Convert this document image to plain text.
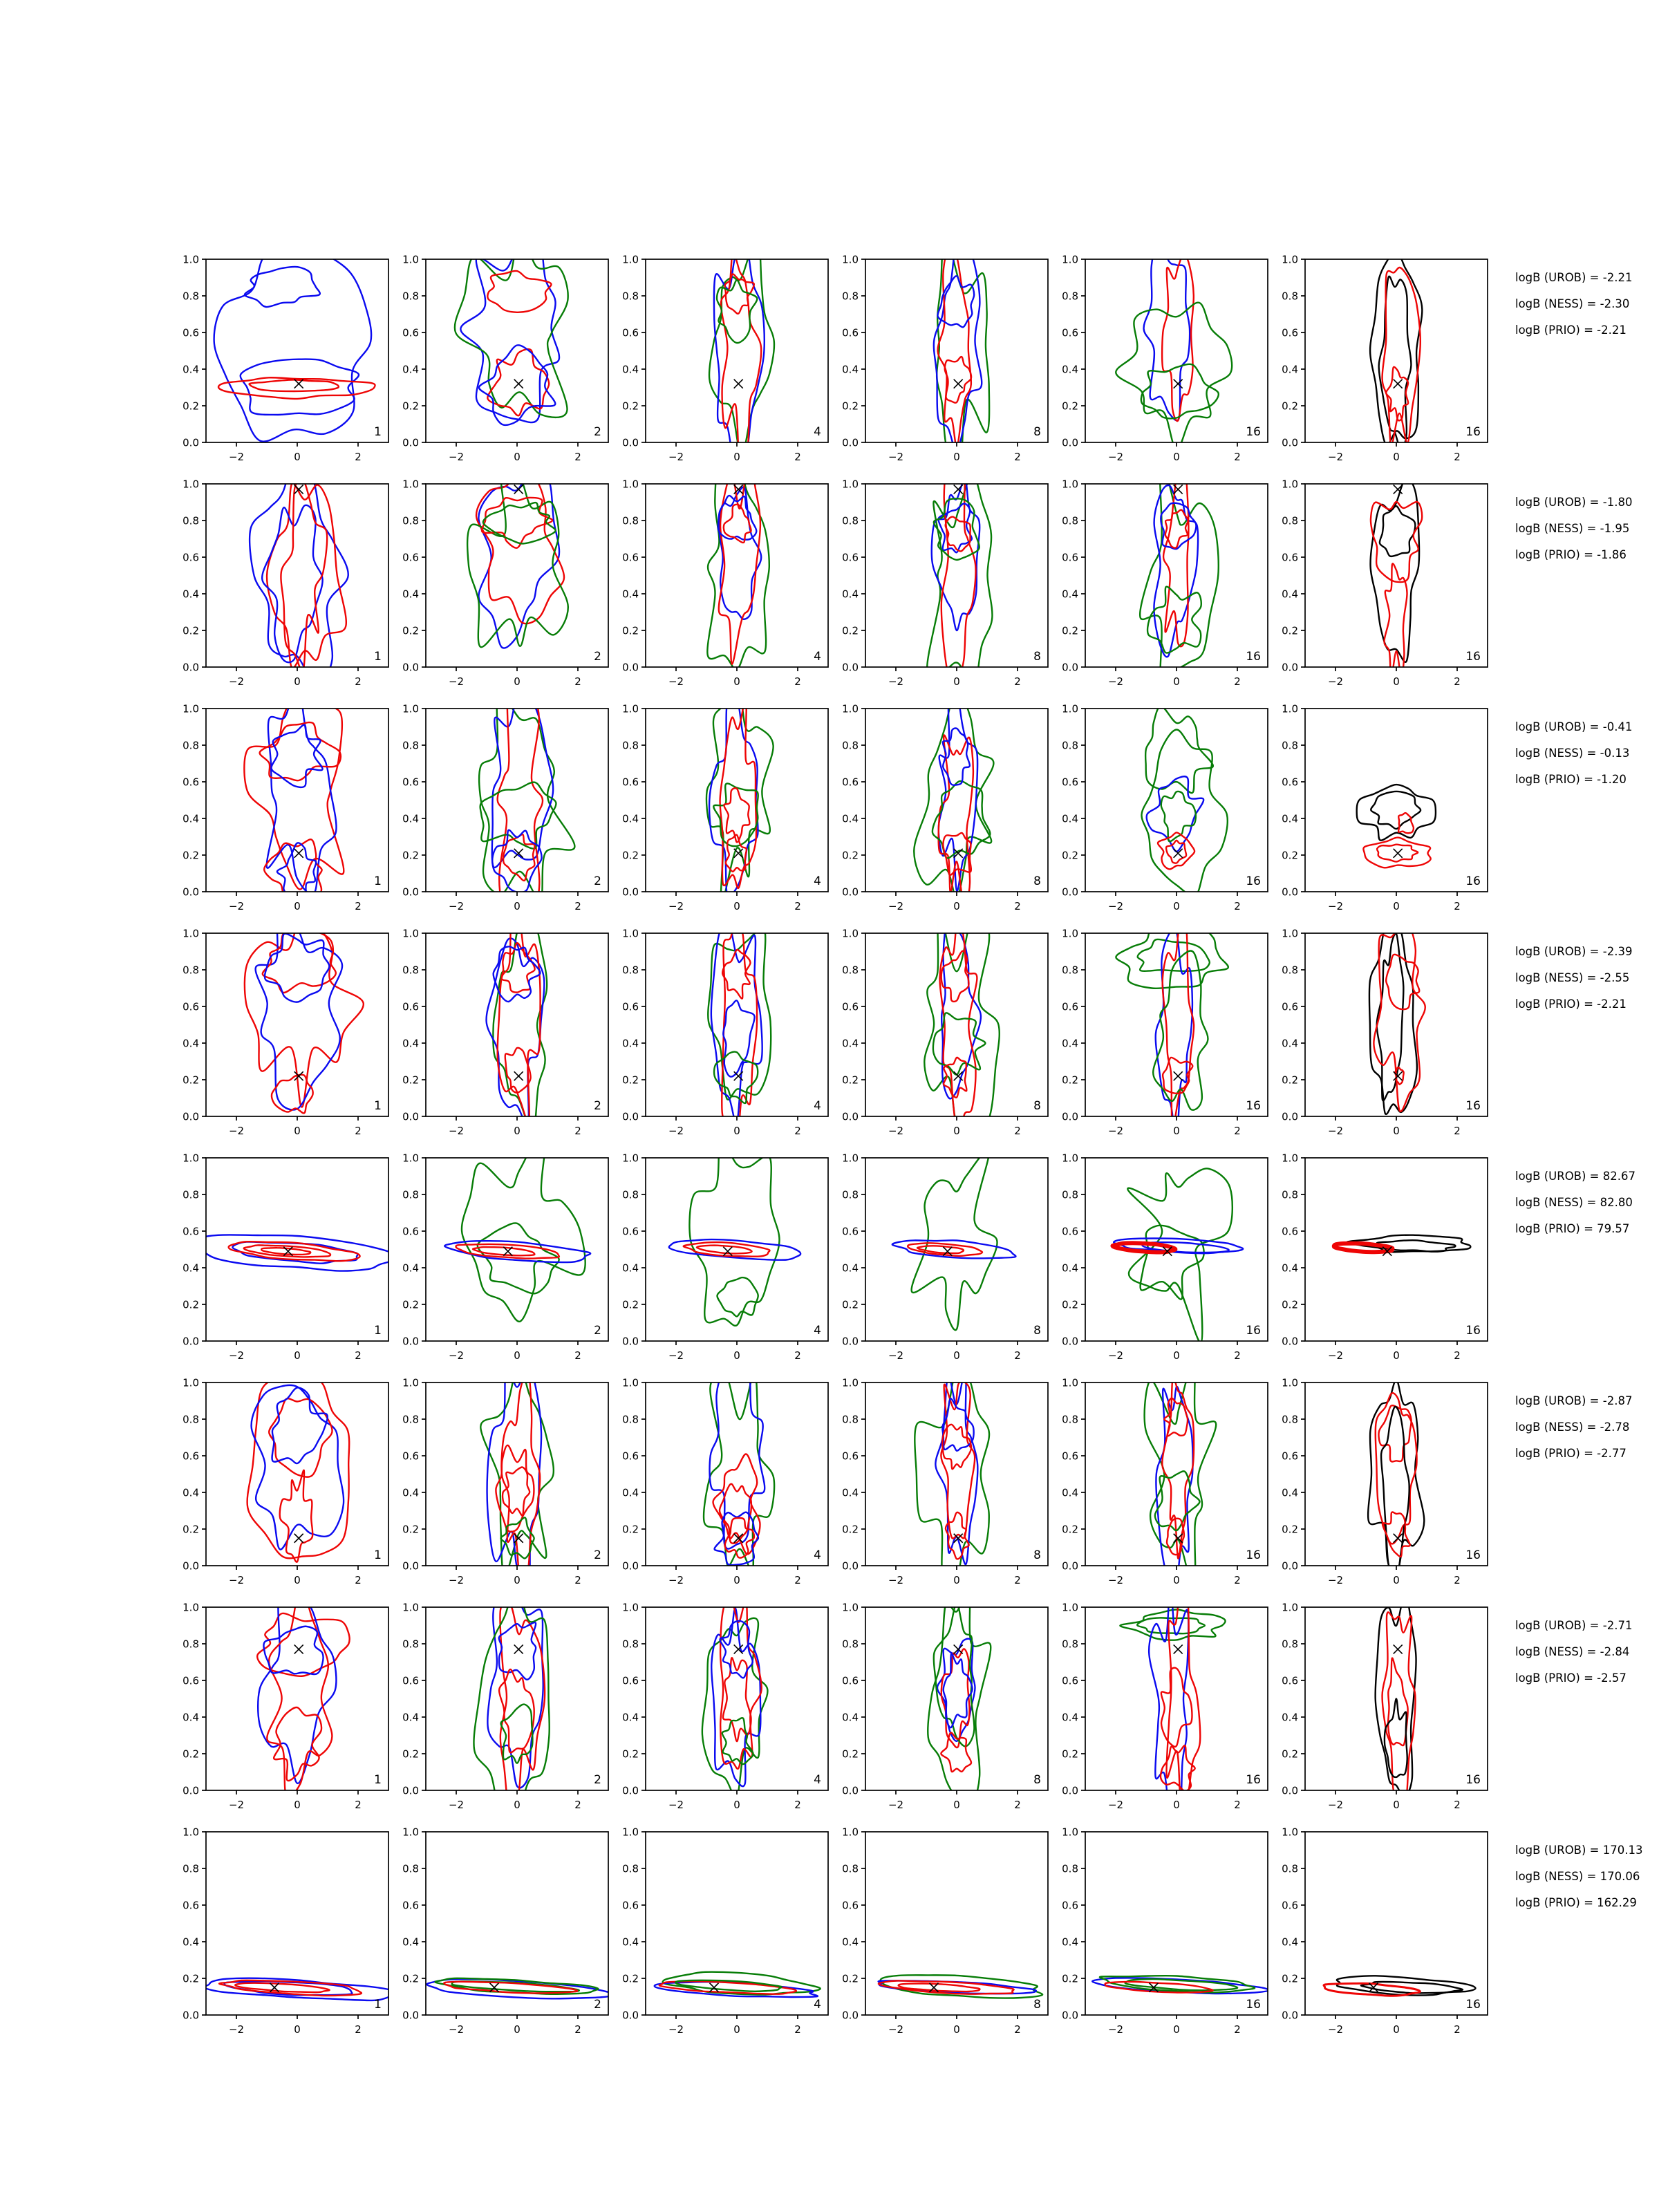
1.0
0.8
0.6
0.4
0.2
0.0
−2	0	2
1
1.0
0.8
0.6
0.4
0.2
0.0
−2	0	2
2
1.0
0.8
0.6
0.4
0.2
0.0
−2	0	2
4
1.0
0.8
0.6
0.4
0.2
0.0
−2	0	2
8
1.0
0.8
0.6
0.4
0.2
0.0
−2	0	2
16
1.0
0.8
0.6
0.4
0.2
0.0
−2	0	2
16
logB (UROB) = -2.21
logB (NESS) = -2.30
logB (PRIO) = -2.21
1.0
0.8
0.6
0.4
0.2
0.0
−2	0	2
1
1.0
0.8
0.6
0.4
0.2
0.0
−2	0	2
2
1.0
0.8
0.6
0.4
0.2
0.0
−2	0	2
4
1.0
0.8
0.6
0.4
0.2
0.0
−2	0	2
8
1.0
0.8
0.6
0.4
0.2
0.0
−2	0	2
16
1.0
0.8
0.6
0.4
0.2
0.0
−2	0	2
16
logB (UROB) = -1.80
logB (NESS) = -1.95
logB (PRIO) = -1.86
1.0
0.8
0.6
0.4
0.2
0.0
−2	0	2
1
1.0
0.8
0.6
0.4
0.2
0.0
−2	0	2
2
1.0
0.8
0.6
0.4
0.2
0.0
−2	0	2
4
1.0
0.8
0.6
0.4
0.2
0.0
−2	0	2
8
1.0
0.8
0.6
0.4
0.2
0.0
−2	0	2
16
1.0
0.8
0.6
0.4
0.2
0.0
−2	0	2
16
logB (UROB) = -0.41
logB (NESS) = -0.13
logB (PRIO) = -1.20
1.0
0.8
0.6
0.4
0.2
0.0
−2	0	2
1
1.0
0.8
0.6
0.4
0.2
0.0
−2	0	2
2
1.0
0.8
0.6
0.4
0.2
0.0
−2	0	2
4
1.0
0.8
0.6
0.4
0.2
0.0
−2	0	2
8
1.0
0.8
0.6
0.4
0.2
0.0
−2	0	2
16
1.0
0.8
0.6
0.4
0.2
0.0
−2	0	2
16
logB (UROB) = -2.39
logB (NESS) = -2.55
logB (PRIO) = -2.21
1.0
0.8
0.6
0.4
0.2
0.0
−2	0	2
1
1.0
0.8
0.6
0.4
0.2
0.0
−2	0	2
2
1.0
0.8
0.6
0.4
0.2
0.0
−2	0	2
4
1.0
0.8
0.6
0.4
0.2
0.0
−2	0	2
8
1.0
0.8
0.6
0.4
0.2
0.0
−2	0	2
16
1.0
0.8
0.6
0.4
0.2
0.0
−2	0	2
16
logB (UROB) = 82.67
logB (NESS) = 82.80
logB (PRIO) = 79.57
1.0
0.8
0.6
0.4
0.2
0.0
−2	0	2
1
1.0
0.8
0.6
0.4
0.2
0.0
−2	0	2
2
1.0
0.8
0.6
0.4
0.2
0.0
−2	0	2
4
1.0
0.8
0.6
0.4
0.2
0.0
−2	0	2
8
1.0
0.8
0.6
0.4
0.2
0.0
−2	0	2
16
1.0
0.8
0.6
0.4
0.2
0.0
−2	0	2
16
logB (UROB) = -2.87
logB (NESS) = -2.78
logB (PRIO) = -2.77
1.0
0.8
0.6
0.4
0.2
0.0
−2	0	2
1
1.0
0.8
0.6
0.4
0.2
0.0
−2	0	2
2
1.0
0.8
0.6
0.4
0.2
0.0
−2	0	2
4
1.0
0.8
0.6
0.4
0.2
0.0
−2	0	2
8
1.0
0.8
0.6
0.4
0.2
0.0
−2	0	2
16
1.0
0.8
0.6
0.4
0.2
0.0
−2	0	2
16
logB (UROB) = -2.71
logB (NESS) = -2.84
logB (PRIO) = -2.57
1.0
0.8
0.6
0.4
0.2
0.0
−2	0	2
1
1.0
0.8
0.6
0.4
0.2
0.0
−2	0	2
2
1.0
0.8
0.6
0.4
0.2
0.0
−2	0	2
4
1.0
0.8
0.6
0.4
0.2
0.0
−2	0	2
8
1.0
0.8
0.6
0.4
0.2
0.0
−2	0	2
16
1.0
0.8
0.6
0.4
0.2
0.0
−2	0	2
16
logB (UROB) = 170.13
logB (NESS) = 170.06
logB (PRIO) = 162.29
